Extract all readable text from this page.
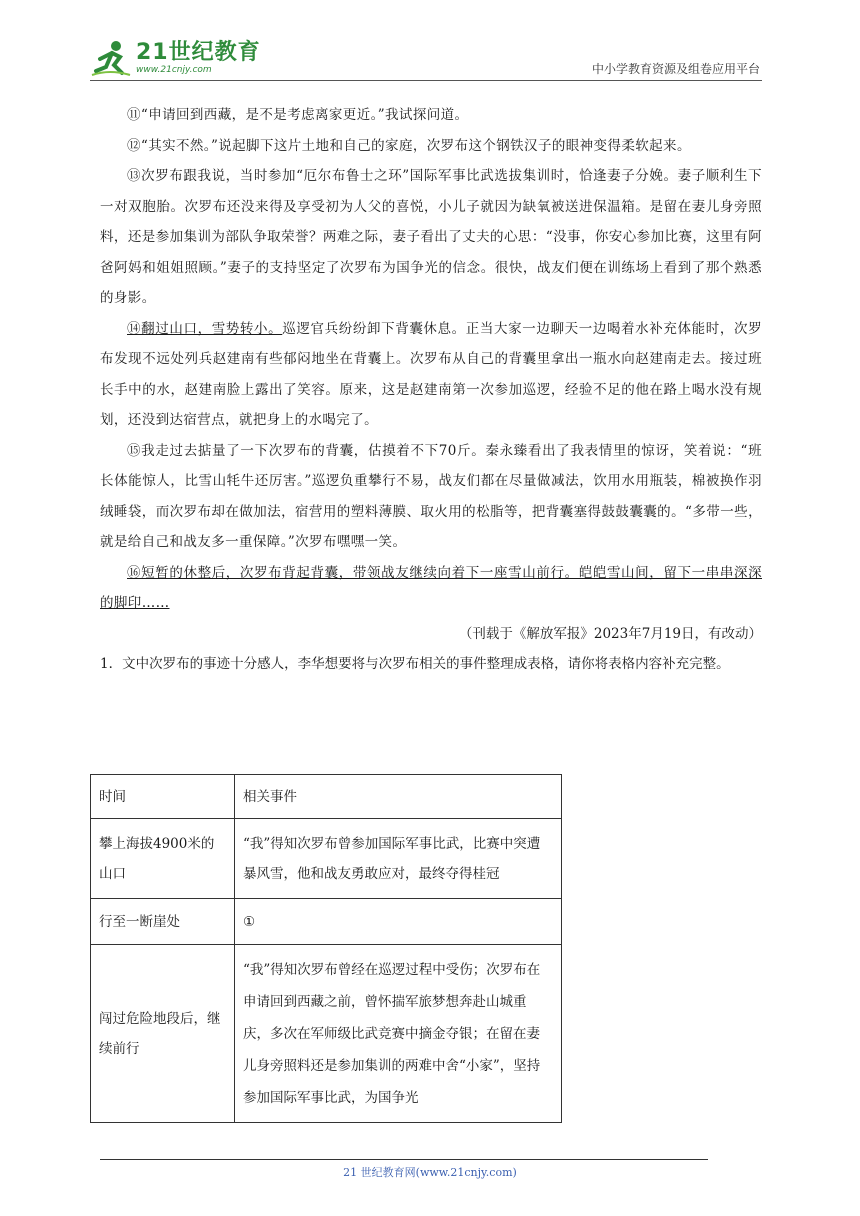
21世纪教育
www.21cnjy.com	中小学教育资源及组卷应用平台

⑪“申请回到西藏，是不是考虑离家更近。”我试探问道。

⑫“其实不然。”说起脚下这片土地和自己的家庭，次罗布这个钢铁汉子的眼神变得柔软起来。

⑬次罗布跟我说，当时参加“厄尔布鲁士之环”国际军事比武选拔集训时，恰逢妻子分娩。妻子顺利生下一对双胞胎。次罗布还没来得及享受初为人父的喜悦，小儿子就因为缺氧被送进保温箱。是留在妻儿身旁照料，还是参加集训为部队争取荣誉？两难之际，妻子看出了丈夫的心思：“没事，你安心参加比赛，这里有阿爸阿妈和姐姐照顾。”妻子的支持坚定了次罗布为国争光的信念。很快，战友们便在训练场上看到了那个熟悉的身影。

⑭翻过山口，雪势转小。巡逻官兵纷纷卸下背囊休息。正当大家一边聊天一边喝着水补充体能时，次罗布发现不远处列兵赵建南有些郁闷地坐在背囊上。次罗布从自己的背囊里拿出一瓶水向赵建南走去。接过班长手中的水，赵建南脸上露出了笑容。原来，这是赵建南第一次参加巡逻，经验不足的他在路上喝水没有规划，还没到达宿营点，就把身上的水喝完了。

⑮我走过去掂量了一下次罗布的背囊，估摸着不下70斤。秦永臻看出了我表情里的惊讶，笑着说：“班长体能惊人，比雪山牦牛还厉害。”巡逻负重攀行不易，战友们都在尽量做减法，饮用水用瓶装，棉被换作羽绒睡袋，而次罗布却在做加法，宿营用的塑料薄膜、取火用的松脂等，把背囊塞得鼓鼓囊囊的。“多带一些，就是给自己和战友多一重保障。”次罗布嘿嘿一笑。

⑯短暂的休整后，次罗布背起背囊，带领战友继续向着下一座雪山前行。皑皑雪山间，留下一串串深深的脚印……

（刊载于《解放军报》2023年7月19日，有改动）

1．文中次罗布的事迹十分感人，李华想要将与次罗布相关的事件整理成表格，请你将表格内容补充完整。

时间	相关事件
攀上海拔4900米的山口	“我”得知次罗布曾参加国际军事比武，比赛中突遭暴风雪，他和战友勇敢应对，最终夺得桂冠
行至一断崖处	①
闯过危险地段后，继续前行	“我”得知次罗布曾经在巡逻过程中受伤；次罗布在申请回到西藏之前，曾怀揣军旅梦想奔赴山城重庆，多次在军师级比武竞赛中摘金夺银；在留在妻儿身旁照料还是参加集训的两难中舍“小家”，坚持参加国际军事比武，为国争光
21 世纪教育网(www.21cnjy.com)
